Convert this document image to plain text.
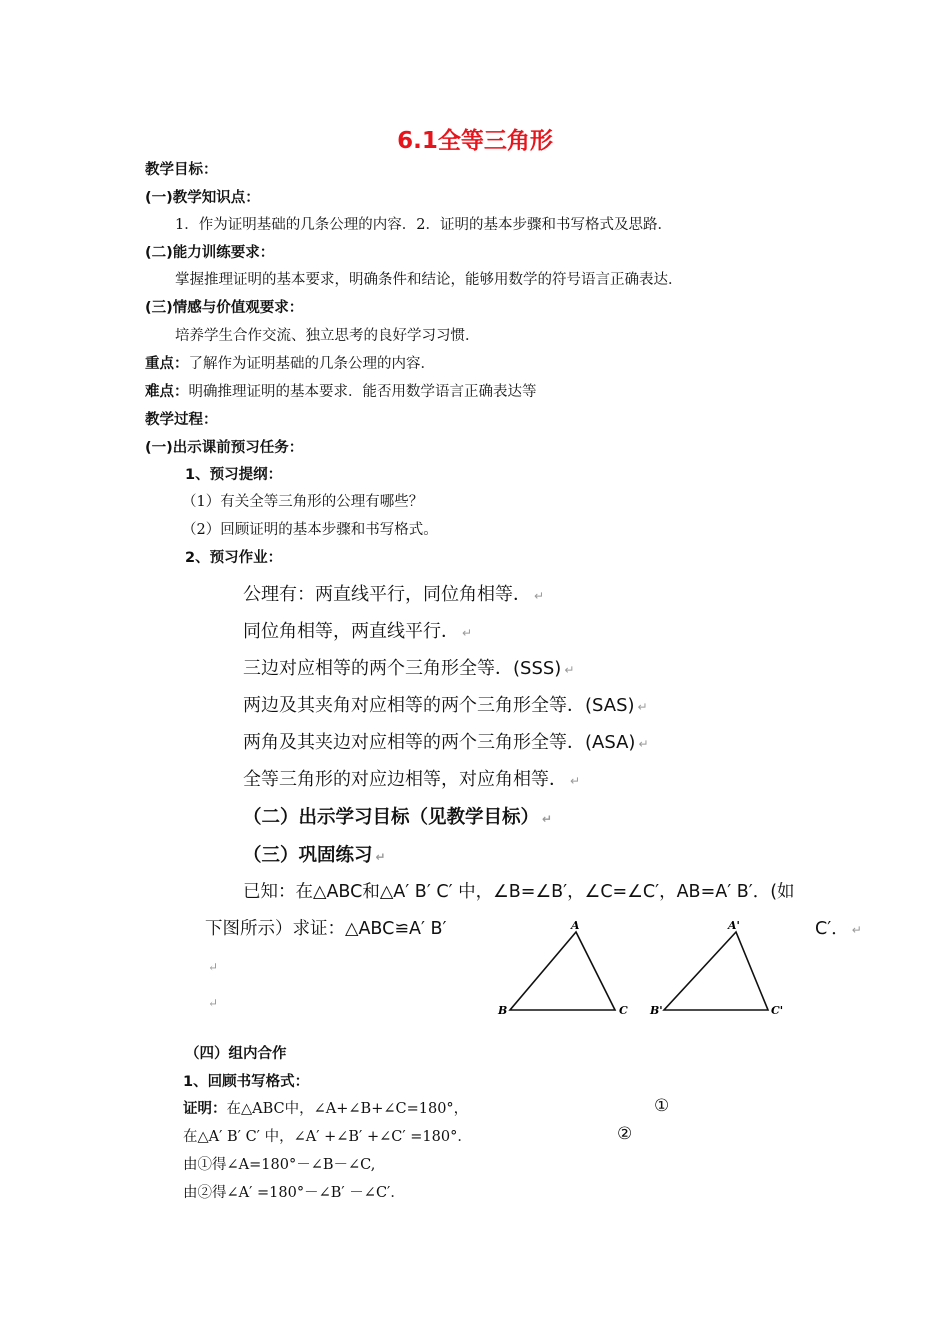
6.1全等三角形
教学目标：
(一)教学知识点：
1．作为证明基础的几条公理的内容．2．证明的基本步骤和书写格式及思路．
(二)能力训练要求：
掌握推理证明的基本要求，明确条件和结论，能够用数学的符号语言正确表达．
(三)情感与价值观要求：
培养学生合作交流、独立思考的良好学习习惯．
重点：了解作为证明基础的几条公理的内容．
难点：明确推理证明的基本要求．能否用数学语言正确表达等
教学过程：
(一)出示课前预习任务：
1、预习提纲：
（1）有关全等三角形的公理有哪些？
（2）回顾证明的基本步骤和书写格式。
2、预习作业：
公理有：两直线平行，同位角相等． ↵
同位角相等，两直线平行． ↵
三边对应相等的两个三角形全等．(SSS) ↵
两边及其夹角对应相等的两个三角形全等．(SAS) ↵
两角及其夹边对应相等的两个三角形全等．(ASA) ↵
全等三角形的对应边相等，对应角相等． ↵
（二）出示学习目标（见教学目标） ↵
（三）巩固练习 ↵
已知：在△ABC和△A′ B′ C′ 中，∠B=∠B′，∠C=∠C′，AB=A′ B′．(如
下图所示）求证：△ABC≌A′ B′	C′． ↵
↵
↵
A
B	C
A'
B'	C'
（四）组内合作
1、回顾书写格式：
证明：在△ABC中，∠A+∠B+∠C=180°，	①
在△A′ B′ C′ 中，∠A′ +∠B′ +∠C′ =180°．	②
由①得∠A=180°－∠B－∠C,
由②得∠A′ =180°－∠B′ －∠C′．
